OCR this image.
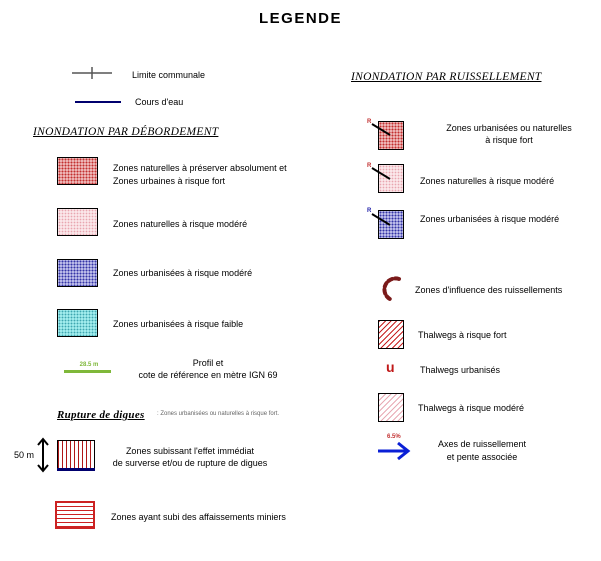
LEGENDE
Limite communale
Cours d'eau
INONDATION PAR DÉBORDEMENT
Zones naturelles à préserver absolument et
Zones urbaines à risque fort
Zones naturelles à risque modéré
Zones urbanisées à risque modéré
Zones urbanisées à risque faible
28.5 m	Profil et
cote de référence en mètre IGN 69
Rupture de digues : Zones urbanisées ou naturelles à risque fort.
50 m	Zones subissant l'effet immédiat
de surverse et/ou de rupture de digues
Zones ayant subi des affaissements miniers
INONDATION PAR RUISSELLEMENT
R
Zones urbanisées ou naturelles
à risque fort
R
Zones naturelles à risque modéré
R
Zones urbanisées à risque modéré
Zones d'influence des ruissellements
Thalwegs à risque fort
u	Thalwegs urbanisés
Thalwegs à risque modéré
6.5%
Axes de ruissellement
et pente associée
